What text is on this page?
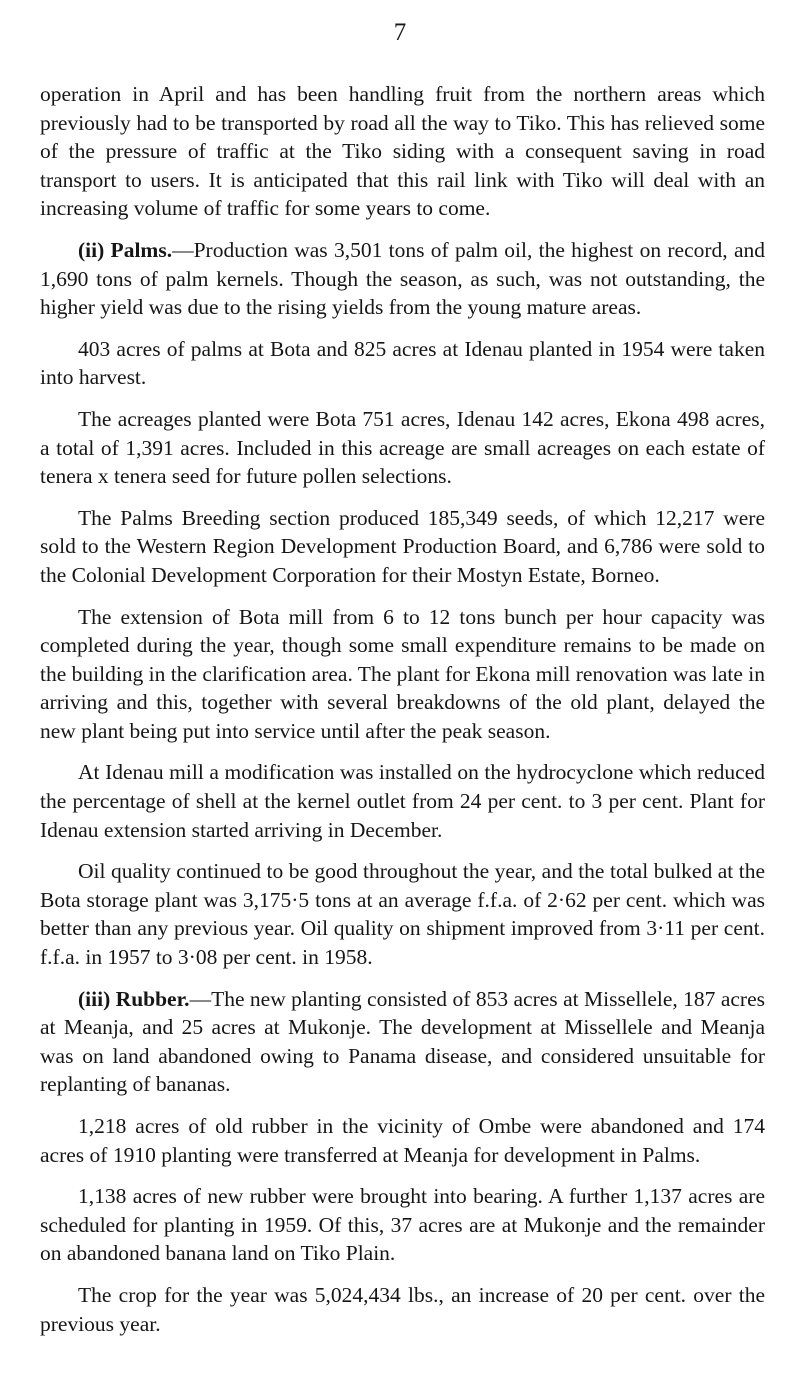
7

operation in April and has been handling fruit from the northern areas which previously had to be transported by road all the way to Tiko. This has relieved some of the pressure of traffic at the Tiko siding with a consequent saving in road transport to users. It is anticipated that this rail link with Tiko will deal with an increasing volume of traffic for some years to come.

(ii) Palms.—Production was 3,501 tons of palm oil, the highest on record, and 1,690 tons of palm kernels. Though the season, as such, was not outstanding, the higher yield was due to the rising yields from the young mature areas.

403 acres of palms at Bota and 825 acres at Idenau planted in 1954 were taken into harvest.

The acreages planted were Bota 751 acres, Idenau 142 acres, Ekona 498 acres, a total of 1,391 acres. Included in this acreage are small acreages on each estate of tenera x tenera seed for future pollen selections.

The Palms Breeding section produced 185,349 seeds, of which 12,217 were sold to the Western Region Development Production Board, and 6,786 were sold to the Colonial Development Corporation for their Mostyn Estate, Borneo.

The extension of Bota mill from 6 to 12 tons bunch per hour capacity was completed during the year, though some small expenditure remains to be made on the building in the clarification area. The plant for Ekona mill renovation was late in arriving and this, together with several breakdowns of the old plant, delayed the new plant being put into service until after the peak season.

At Idenau mill a modification was installed on the hydrocyclone which reduced the percentage of shell at the kernel outlet from 24 per cent. to 3 per cent. Plant for Idenau extension started arriving in December.

Oil quality continued to be good throughout the year, and the total bulked at the Bota storage plant was 3,175·5 tons at an average f.f.a. of 2·62 per cent. which was better than any previous year. Oil quality on shipment improved from 3·11 per cent. f.f.a. in 1957 to 3·08 per cent. in 1958.

(iii) Rubber.—The new planting consisted of 853 acres at Missellele, 187 acres at Meanja, and 25 acres at Mukonje. The development at Missellele and Meanja was on land abandoned owing to Panama disease, and considered unsuitable for replanting of bananas.

1,218 acres of old rubber in the vicinity of Ombe were abandoned and 174 acres of 1910 planting were transferred at Meanja for development in Palms.

1,138 acres of new rubber were brought into bearing. A further 1,137 acres are scheduled for planting in 1959. Of this, 37 acres are at Mukonje and the remainder on abandoned banana land on Tiko Plain.

The crop for the year was 5,024,434 lbs., an increase of 20 per cent. over the previous year.
